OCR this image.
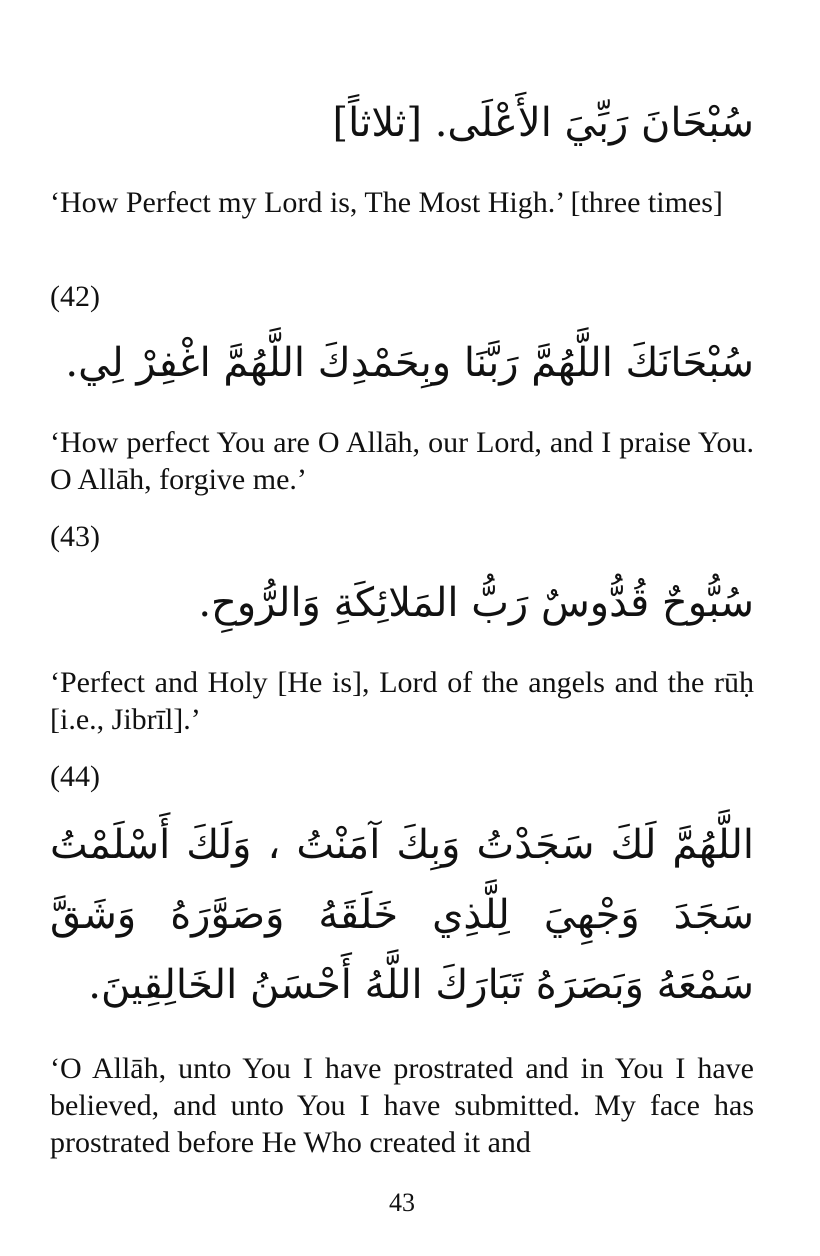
سُبْحَانَ رَبِّيَ الأَعْلَى. [ثلاثاً]
‘How Perfect my Lord is, The Most High.’ [three times]
(42)
سُبْحَانَكَ اللَّهُمَّ رَبَّنَا وبِحَمْدِكَ اللَّهُمَّ اغْفِرْ لِي.
‘How perfect You are O Allāh, our Lord, and I praise You. O Allāh, forgive me.’
(43)
سُبُّوحٌ قُدُّوسٌ رَبُّ المَلائِكَةِ وَالرُّوحِ.
‘Perfect and Holy [He is], Lord of the angels and the rūḥ [i.e., Jibrīl].’
(44)
اللَّهُمَّ لَكَ سَجَدْتُ وَبِكَ آمَنْتُ ، وَلَكَ أَسْلَمْتُ سَجَدَ وَجْهِيَ لِلَّذِي خَلَقَهُ وَصَوَّرَهُ وَشَقَّ سَمْعَهُ وَبَصَرَهُ تَبَارَكَ اللَّهُ أَحْسَنُ الخَالِقِينَ.
‘O Allāh, unto You I have prostrated and in You I have believed, and unto You I have submitted. My face has prostrated before He Who created it and
43
